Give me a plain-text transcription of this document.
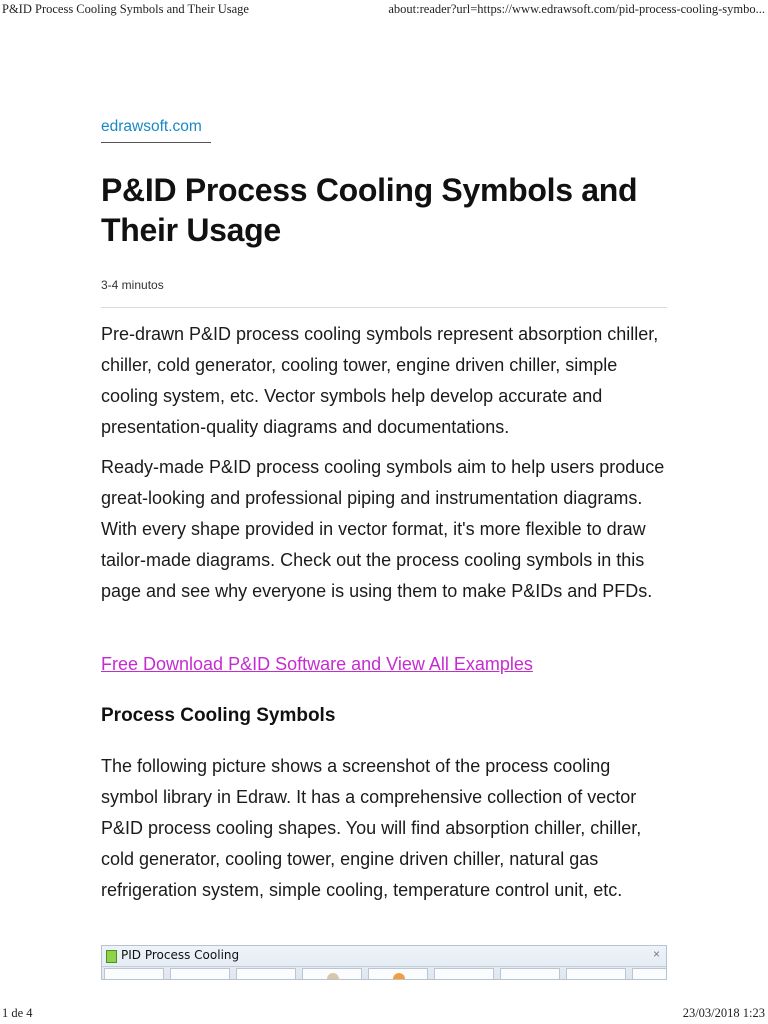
P&ID Process Cooling Symbols and Their Usage	about:reader?url=https://www.edrawsoft.com/pid-process-cooling-symbo...
edrawsoft.com
P&ID Process Cooling Symbols and Their Usage
3-4 minutos

Pre-drawn P&ID process cooling symbols represent absorption chiller, chiller, cold generator, cooling tower, engine driven chiller, simple cooling system, etc. Vector symbols help develop accurate and presentation-quality diagrams and documentations.

Ready-made P&ID process cooling symbols aim to help users produce great-looking and professional piping and instrumentation diagrams. With every shape provided in vector format, it's more flexible to draw tailor-made diagrams. Check out the process cooling symbols in this page and see why everyone is using them to make P&IDs and PFDs.

Free Download P&ID Software and View All Examples
Process Cooling Symbols

The following picture shows a screenshot of the process cooling symbol library in Edraw. It has a comprehensive collection of vector P&ID process cooling shapes. You will find absorption chiller, chiller, cold generator, cooling tower, engine driven chiller, natural gas refrigeration system, simple cooling, temperature control unit, etc.

PID Process Cooling	×
1 de 4	23/03/2018 1:23
